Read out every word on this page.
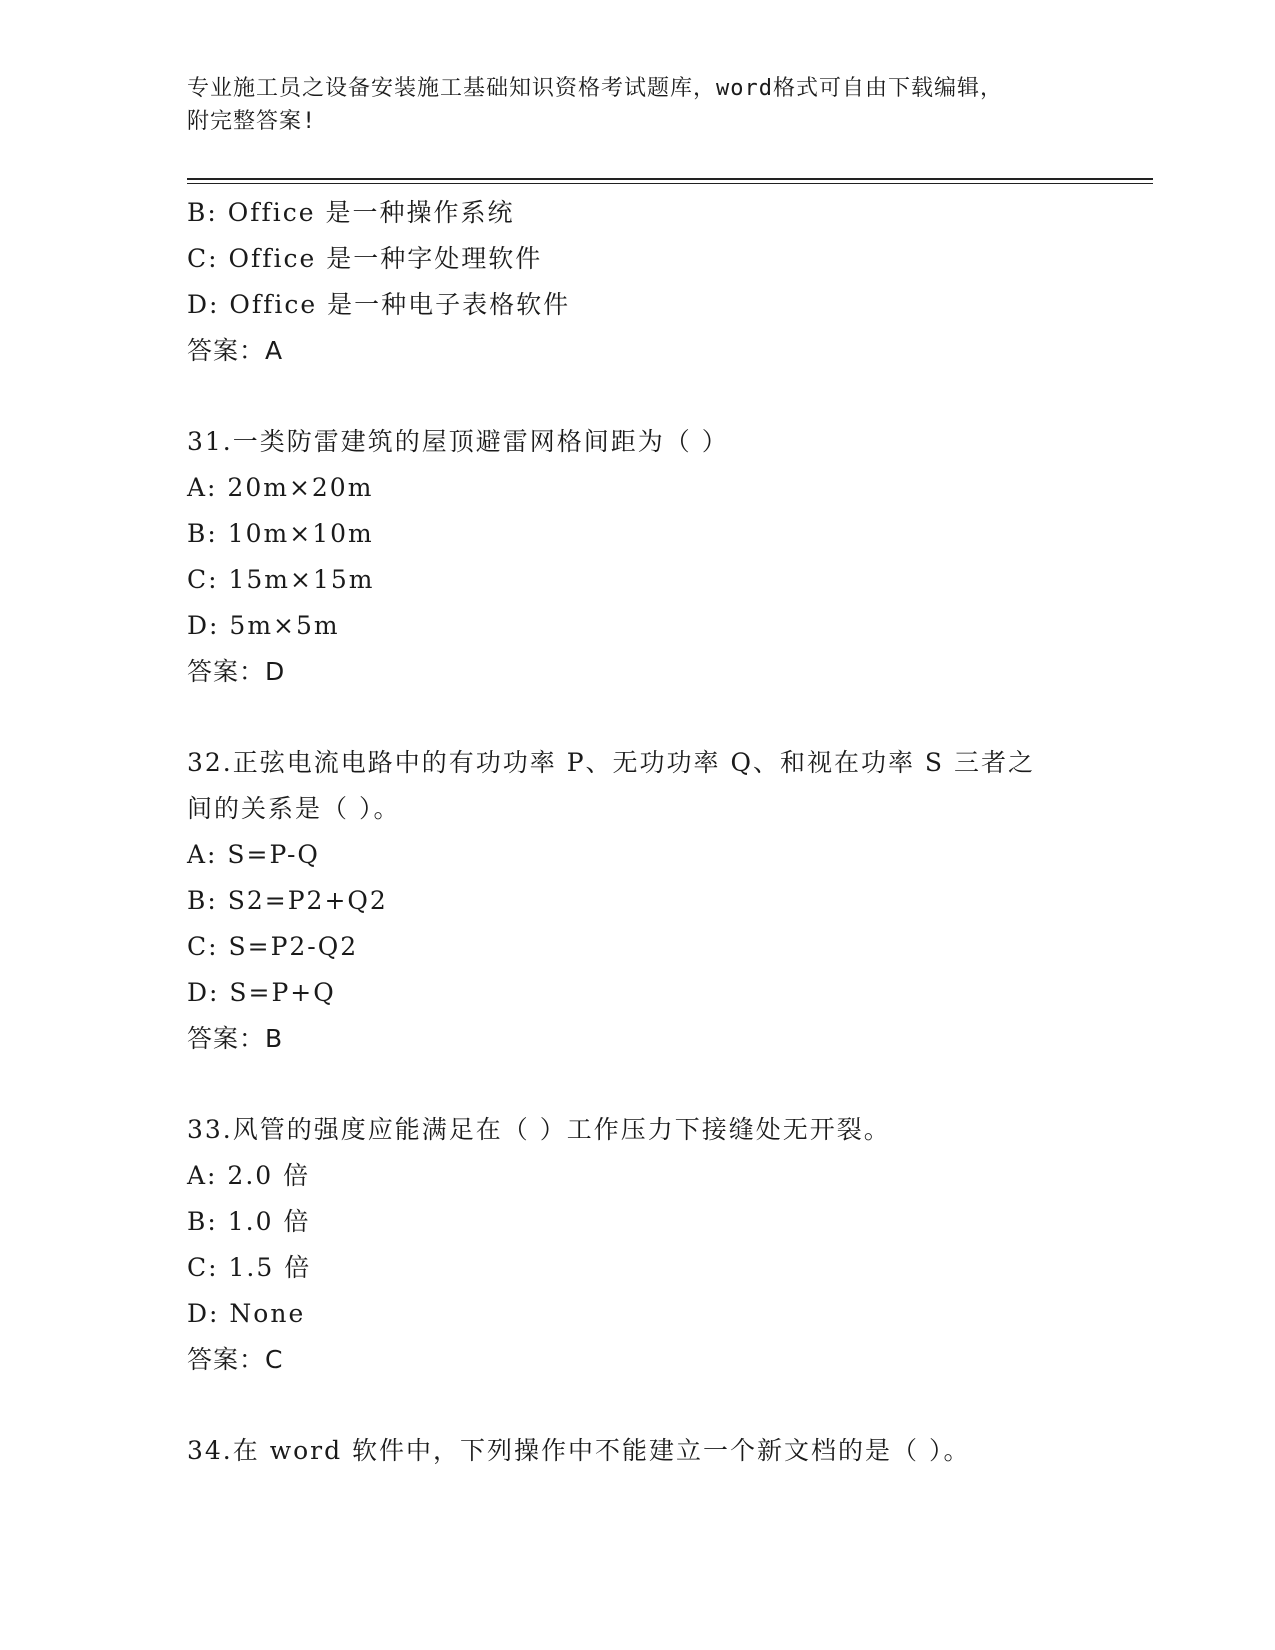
专业施工员之设备安装施工基础知识资格考试题库，word格式可自由下载编辑，
附完整答案!
B: Office 是一种操作系统
C: Office 是一种字处理软件
D: Office 是一种电子表格软件
答案：A
31.一类防雷建筑的屋顶避雷网格间距为（ ）
A: 20m×20m
B: 10m×10m
C: 15m×15m
D: 5m×5m
答案：D
32.正弦电流电路中的有功功率 P、无功功率 Q、和视在功率 S 三者之
间的关系是（ ）。
A: S=P-Q
B: S2=P2+Q2
C: S=P2-Q2
D: S=P+Q
答案：B
33.风管的强度应能满足在（ ）工作压力下接缝处无开裂。
A: 2.0 倍
B: 1.0 倍
C: 1.5 倍
D: None
答案：C
34.在 word 软件中，下列操作中不能建立一个新文档的是（ ）。
